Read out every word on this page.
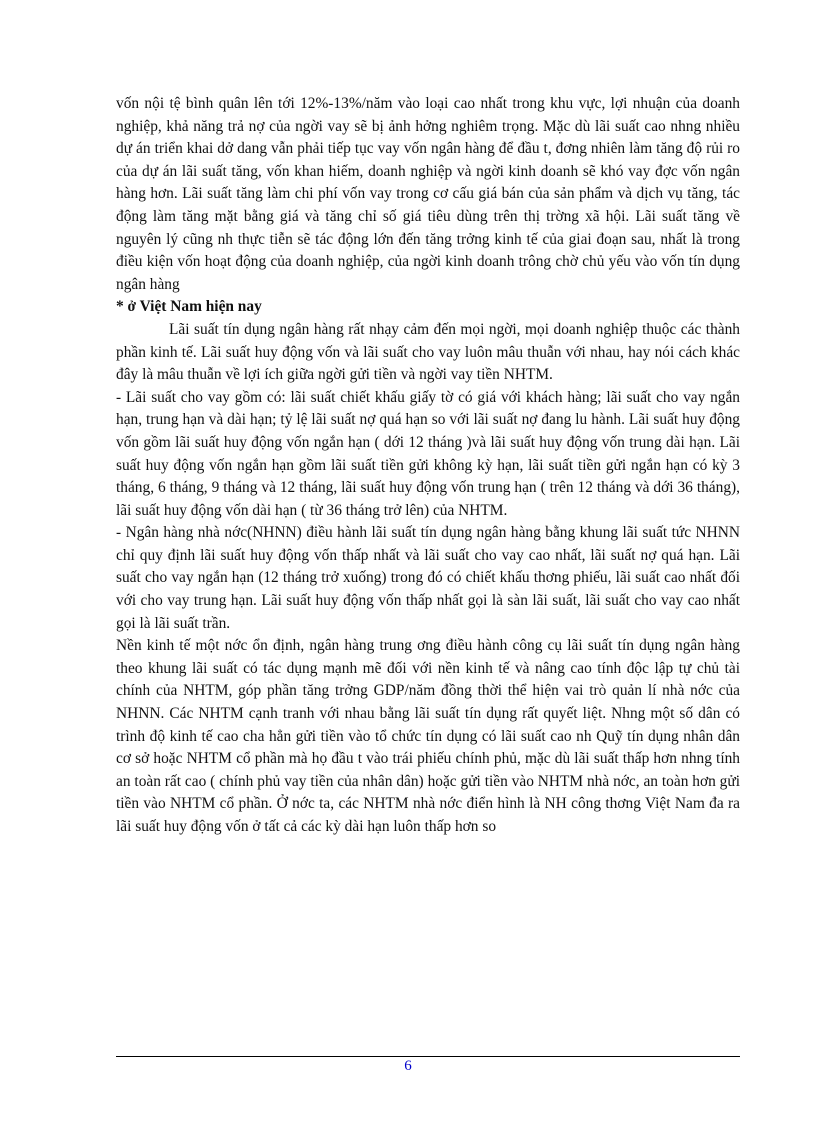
vốn nội tệ bình quân lên tới 12%-13%/năm vào loại cao nhất trong khu vực, lợi nhuận của doanh nghiệp, khả năng trả nợ của ngời vay sẽ bị ảnh hởng nghiêm trọng. Mặc dù lãi suất cao nhng nhiều dự án triển khai dở dang vẫn phải tiếp tục vay vốn ngân hàng để đầu t, đơng nhiên làm tăng độ rủi ro của dự án lãi suất tăng, vốn khan hiếm, doanh nghiệp và ngời kinh doanh sẽ khó vay đợc vốn ngân hàng hơn. Lãi suất tăng làm chi phí vốn vay trong cơ cấu giá bán của sản phẩm và dịch vụ tăng, tác động làm tăng mặt bằng giá và tăng chỉ số giá tiêu dùng trên thị trờng xã hội. Lãi suất tăng về nguyên lý cũng nh thực tiễn sẽ tác động lớn đến tăng trởng kinh tế của giai đoạn sau, nhất là trong điều kiện vốn hoạt động của doanh nghiệp, của ngời kinh doanh trông chờ chủ yếu vào vốn tín dụng ngân hàng

* ở Việt Nam hiện nay

Lãi suất tín dụng ngân hàng rất nhạy cảm đến mọi ngời, mọi doanh nghiệp thuộc các thành phần kinh tế. Lãi suất huy động vốn và lãi suất cho vay luôn mâu thuẫn với nhau, hay nói cách khác đây là mâu thuẫn về lợi ích giữa ngời gửi tiền và ngời vay tiền NHTM.

- Lãi suất cho vay gồm có: lãi suất chiết khấu giấy tờ có giá với khách hàng; lãi suất cho vay ngắn hạn, trung hạn và dài hạn; tỷ lệ lãi suất nợ quá hạn so với lãi suất nợ đang lu hành. Lãi suất huy động vốn gồm lãi suất huy động vốn ngắn hạn ( dới 12 tháng )và lãi suất huy động vốn trung dài hạn. Lãi suất huy động vốn ngắn hạn gồm lãi suất tiền gửi không kỳ hạn, lãi suất tiền gửi ngắn hạn có kỳ 3 tháng, 6 tháng, 9 tháng và 12 tháng, lãi suất huy động vốn trung hạn ( trên 12 tháng và dới 36 tháng), lãi suất huy động vốn dài hạn ( từ 36 tháng trở lên) của NHTM.

- Ngân hàng nhà nớc(NHNN) điều hành lãi suất tín dụng ngân hàng bằng khung lãi suất tức NHNN chỉ quy định lãi suất huy động vốn thấp nhất và lãi suất cho vay cao nhất, lãi suất nợ quá hạn. Lãi suất cho vay ngắn hạn (12 tháng trở xuống) trong đó có chiết khấu thơng phiếu, lãi suất cao nhất đối với cho vay trung hạn. Lãi suất huy động vốn thấp nhất gọi là sàn lãi suất, lãi suất cho vay cao nhất gọi là lãi suất trần.

Nền kinh tế một nớc ổn định, ngân hàng trung ơng điều hành công cụ lãi suất tín dụng ngân hàng theo khung lãi suất có tác dụng mạnh mẽ đối với nền kinh tế và nâng cao tính độc lập tự chủ tài chính của NHTM, góp phần tăng trởng GDP/năm đồng thời thể hiện vai trò quản lí nhà nớc của NHNN. Các NHTM cạnh tranh với nhau bằng lãi suất tín dụng rất quyết liệt. Nhng một số dân có trình độ kinh tế cao cha hẳn gửi tiền vào tổ chức tín dụng có lãi suất cao nh Quỹ tín dụng nhân dân cơ sở hoặc NHTM cổ phần mà họ đầu t vào trái phiếu chính phủ, mặc dù lãi suất thấp hơn nhng tính an toàn rất cao ( chính phủ vay tiền của nhân dân) hoặc gửi tiền vào NHTM nhà nớc, an toàn hơn gửi tiền vào NHTM cổ phần. Ở nớc ta, các NHTM nhà nớc điển hình là NH công thơng Việt Nam đa ra lãi suất huy động vốn ở tất cả các kỳ dài hạn luôn thấp hơn so

6
